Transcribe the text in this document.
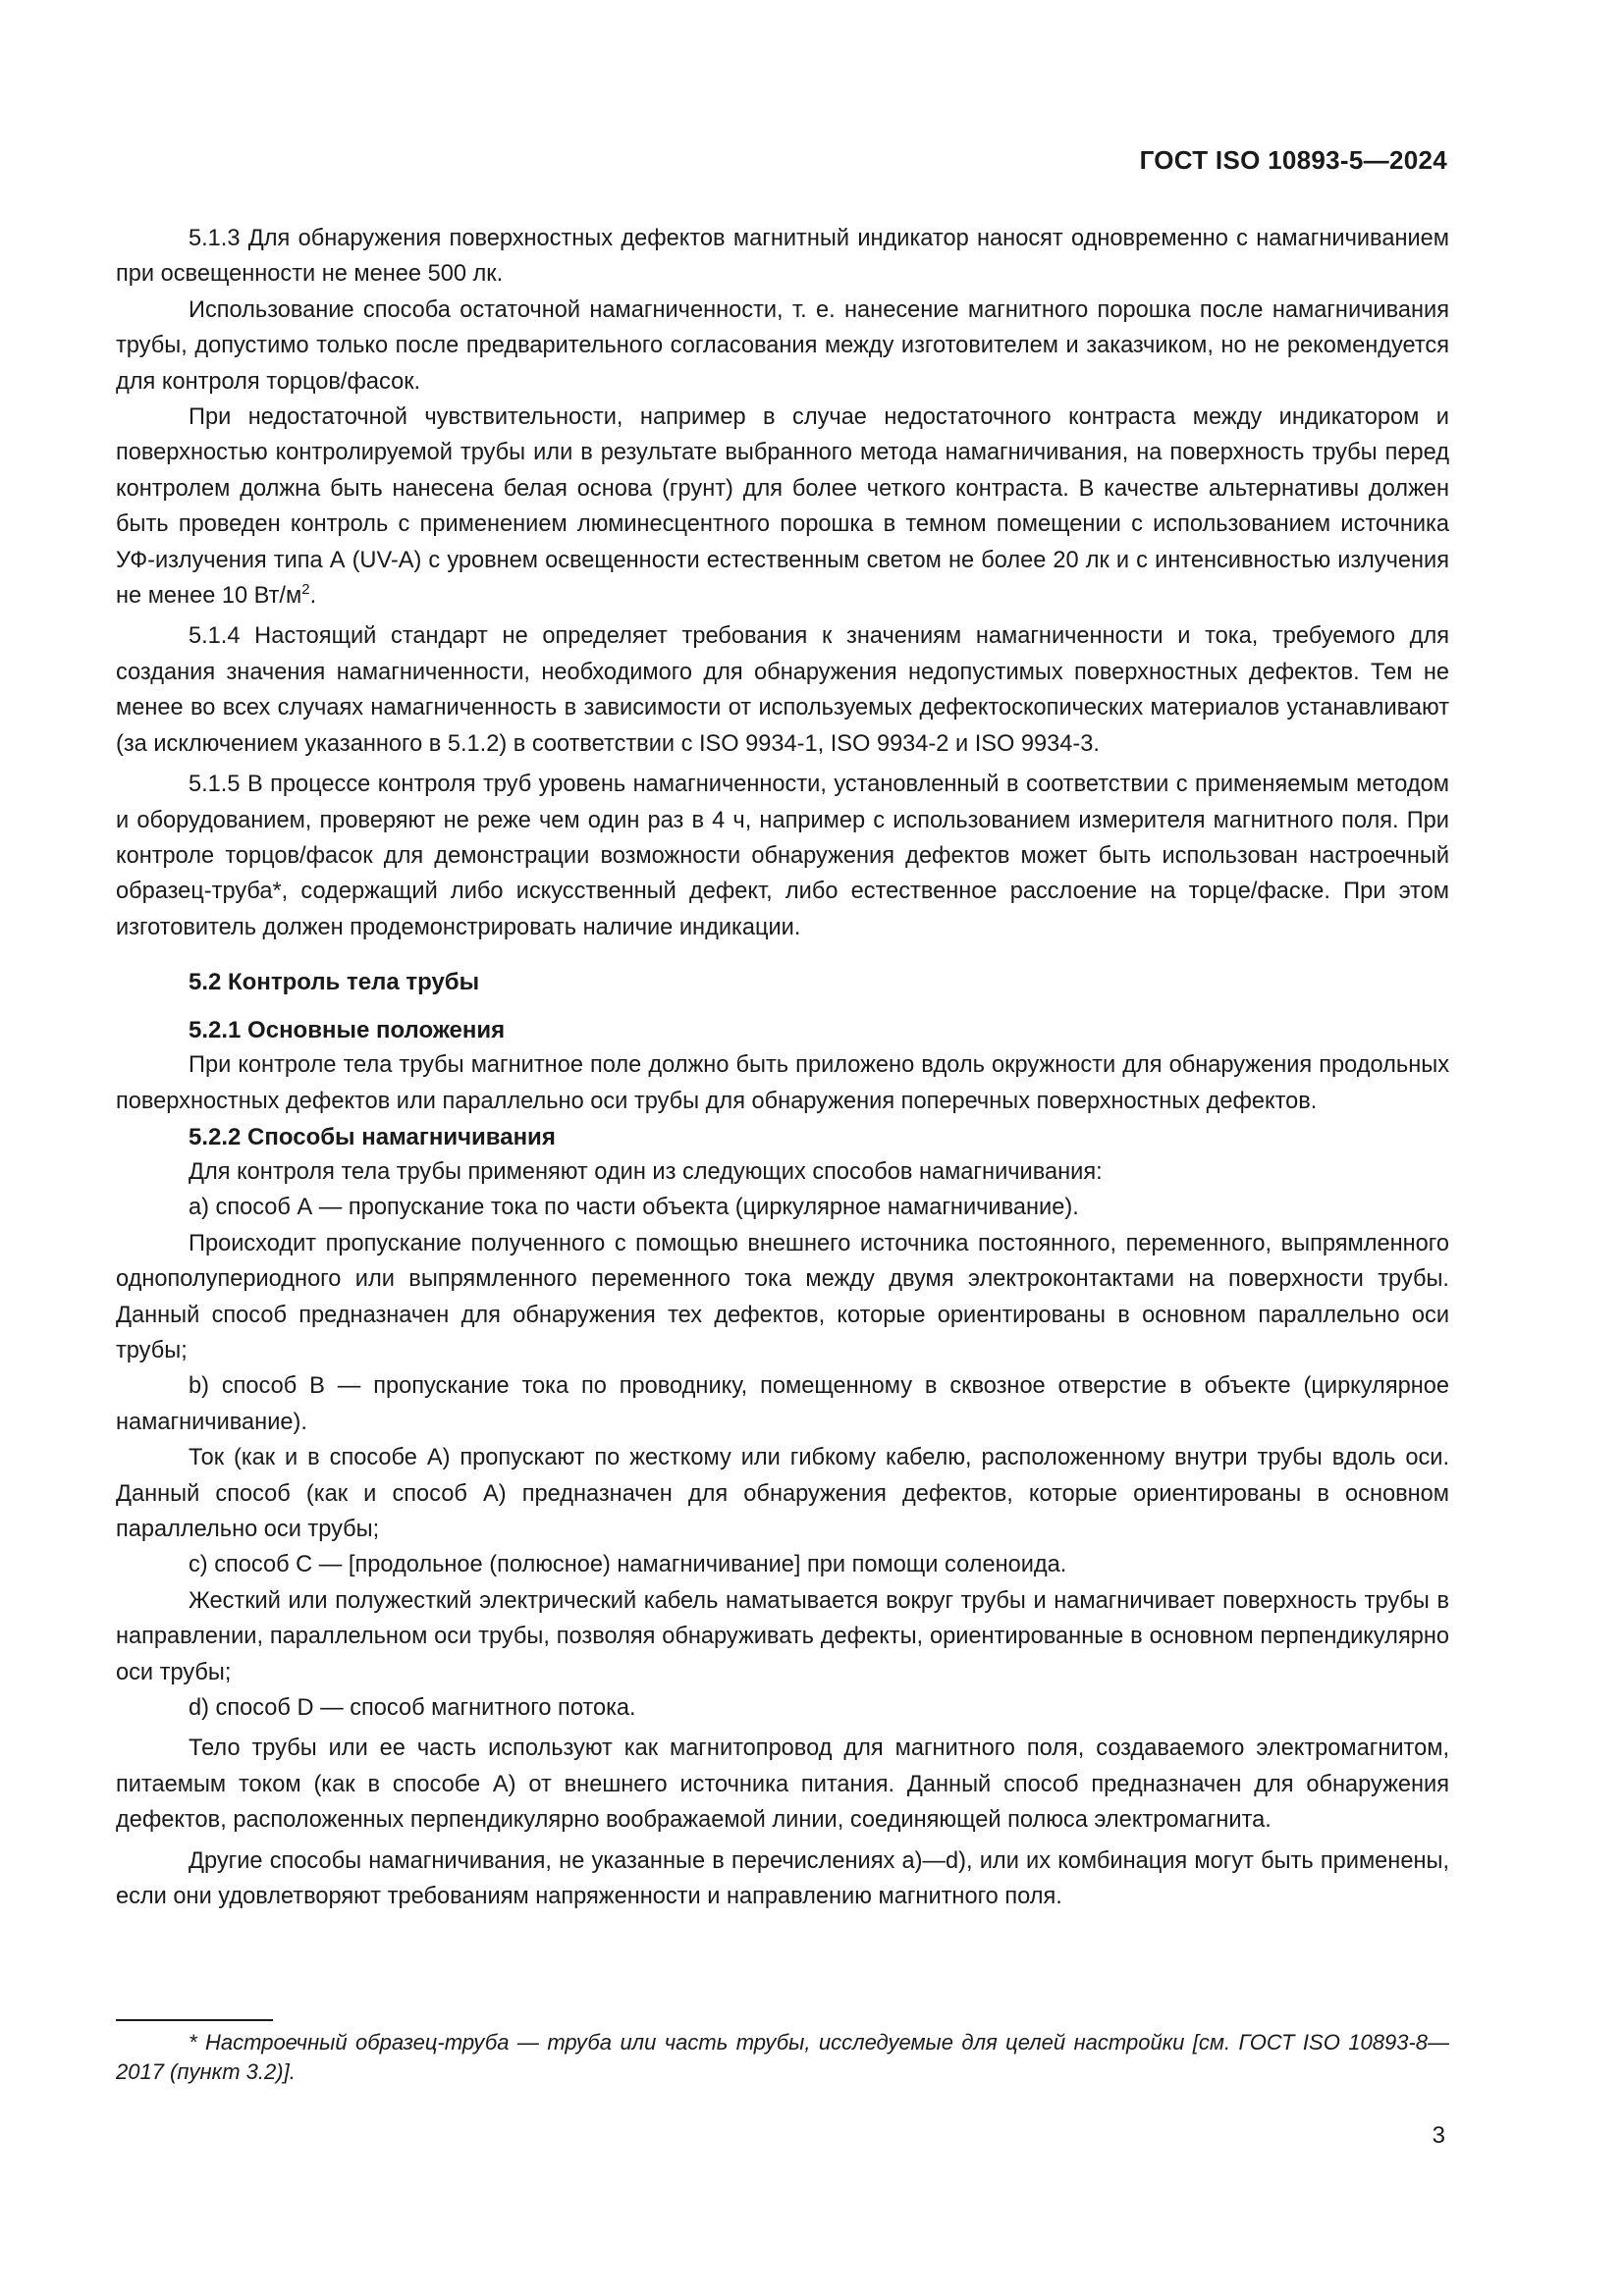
ГОСТ ISO 10893-5—2024

5.1.3 Для обнаружения поверхностных дефектов магнитный индикатор наносят одновременно с намагничиванием при освещенности не менее 500 лк.

Использование способа остаточной намагниченности, т. е. нанесение магнитного порошка после намагничивания трубы, допустимо только после предварительного согласования между изготовителем и заказчиком, но не рекомендуется для контроля торцов/фасок.

При недостаточной чувствительности, например в случае недостаточного контраста между индикатором и поверхностью контролируемой трубы или в результате выбранного метода намагничивания, на поверхность трубы перед контролем должна быть нанесена белая основа (грунт) для более четкого контраста. В качестве альтернативы должен быть проведен контроль с применением люминесцентного порошка в темном помещении с использованием источника УФ-излучения типа А (UV-A) с уровнем освещенности естественным светом не более 20 лк и с интенсивностью излучения не менее 10 $Вт/м^2$.

5.1.4 Настоящий стандарт не определяет требования к значениям намагниченности и тока, требуемого для создания значения намагниченности, необходимого для обнаружения недопустимых поверхностных дефектов. Тем не менее во всех случаях намагниченность в зависимости от используемых дефектоскопических материалов устанавливают (за исключением указанного в 5.1.2) в соответствии с ISO 9934-1, ISO 9934-2 и ISO 9934-3.

5.1.5 В процессе контроля труб уровень намагниченности, установленный в соответствии с применяемым методом и оборудованием, проверяют не реже чем один раз в 4 ч, например с использованием измерителя магнитного поля. При контроле торцов/фасок для демонстрации возможности обнаружения дефектов может быть использован настроечный образец-труба*, содержащий либо искусственный дефект, либо естественное расслоение на торце/фаске. При этом изготовитель должен продемонстрировать наличие индикации.

5.2 Контроль тела трубы
5.2.1 Основные положения

При контроле тела трубы магнитное поле должно быть приложено вдоль окружности для обнаружения продольных поверхностных дефектов или параллельно оси трубы для обнаружения поперечных поверхностных дефектов.

5.2.2 Способы намагничивания

Для контроля тела трубы применяют один из следующих способов намагничивания:

a) способ А — пропускание тока по части объекта (циркулярное намагничивание).

Происходит пропускание полученного с помощью внешнего источника постоянного, переменного, выпрямленного однополупериодного или выпрямленного переменного тока между двумя электроконтактами на поверхности трубы. Данный способ предназначен для обнаружения тех дефектов, которые ориентированы в основном параллельно оси трубы;

b) способ В — пропускание тока по проводнику, помещенному в сквозное отверстие в объекте (циркулярное намагничивание).

Ток (как и в способе А) пропускают по жесткому или гибкому кабелю, расположенному внутри трубы вдоль оси. Данный способ (как и способ А) предназначен для обнаружения дефектов, которые ориентированы в основном параллельно оси трубы;

c) способ С — [продольное (полюсное) намагничивание] при помощи соленоида.

Жесткий или полужесткий электрический кабель наматывается вокруг трубы и намагничивает поверхность трубы в направлении, параллельном оси трубы, позволяя обнаруживать дефекты, ориентированные в основном перпендикулярно оси трубы;

d) способ D — способ магнитного потока.

Тело трубы или ее часть используют как магнитопровод для магнитного поля, создаваемого электромагнитом, питаемым током (как в способе А) от внешнего источника питания. Данный способ предназначен для обнаружения дефектов, расположенных перпендикулярно воображаемой линии, соединяющей полюса электромагнита.

Другие способы намагничивания, не указанные в перечислениях а)—d), или их комбинация могут быть применены, если они удовлетворяют требованиям напряженности и направлению магнитного поля.

* Настроечный образец-труба — труба или часть трубы, исследуемые для целей настройки [см. ГОСТ ISO 10893-8—2017 (пункт 3.2)].
3
